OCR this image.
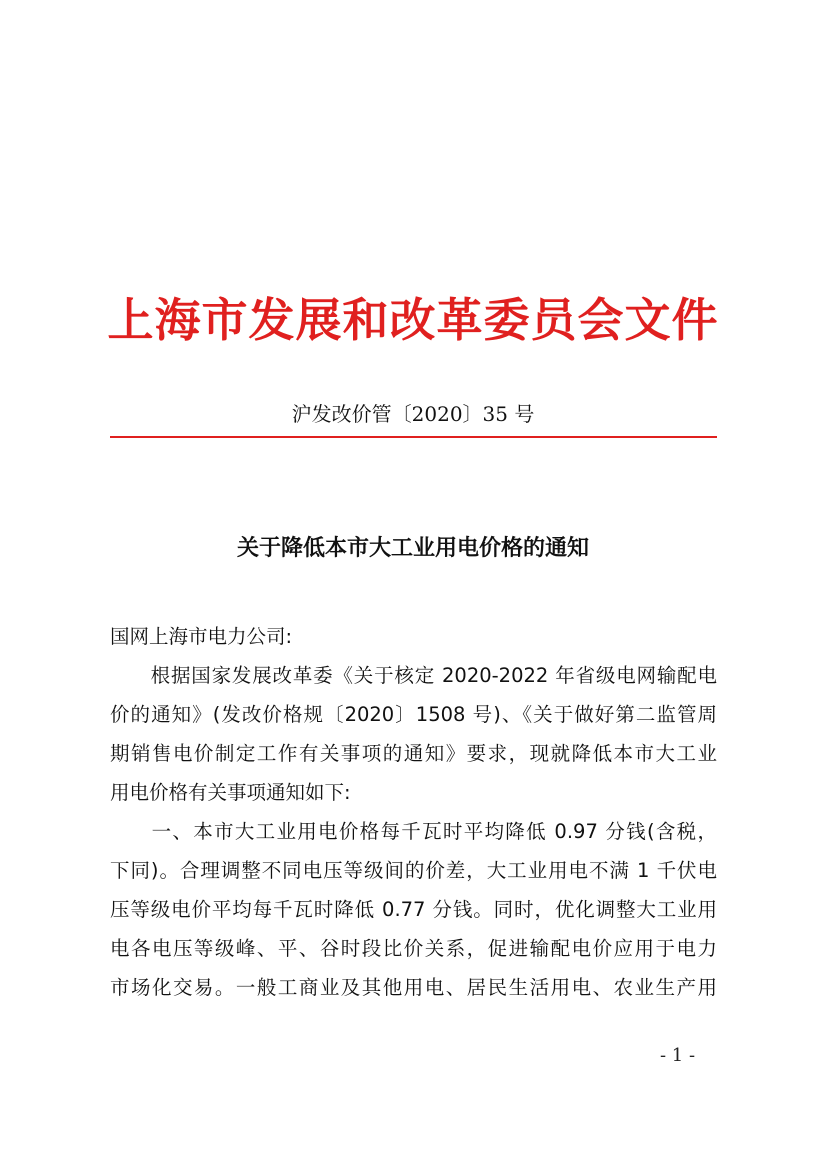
上海市发展和改革委员会文件
沪发改价管〔2020〕35 号
关于降低本市大工业用电价格的通知
国网上海市电力公司:
　　根据国家发展改革委《关于核定 2020-2022 年省级电网输配电
价的通知》(发改价格规〔2020〕1508 号)、《关于做好第二监管周
期销售电价制定工作有关事项的通知》要求，现就降低本市大工业
用电价格有关事项通知如下:
　　一、本市大工业用电价格每千瓦时平均降低 0.97 分钱(含税，
下同)。合理调整不同电压等级间的价差，大工业用电不满 1 千伏电
压等级电价平均每千瓦时降低 0.77 分钱。同时，优化调整大工业用
电各电压等级峰、平、谷时段比价关系，促进输配电价应用于电力
市场化交易。一般工商业及其他用电、居民生活用电、农业生产用
- 1 -
